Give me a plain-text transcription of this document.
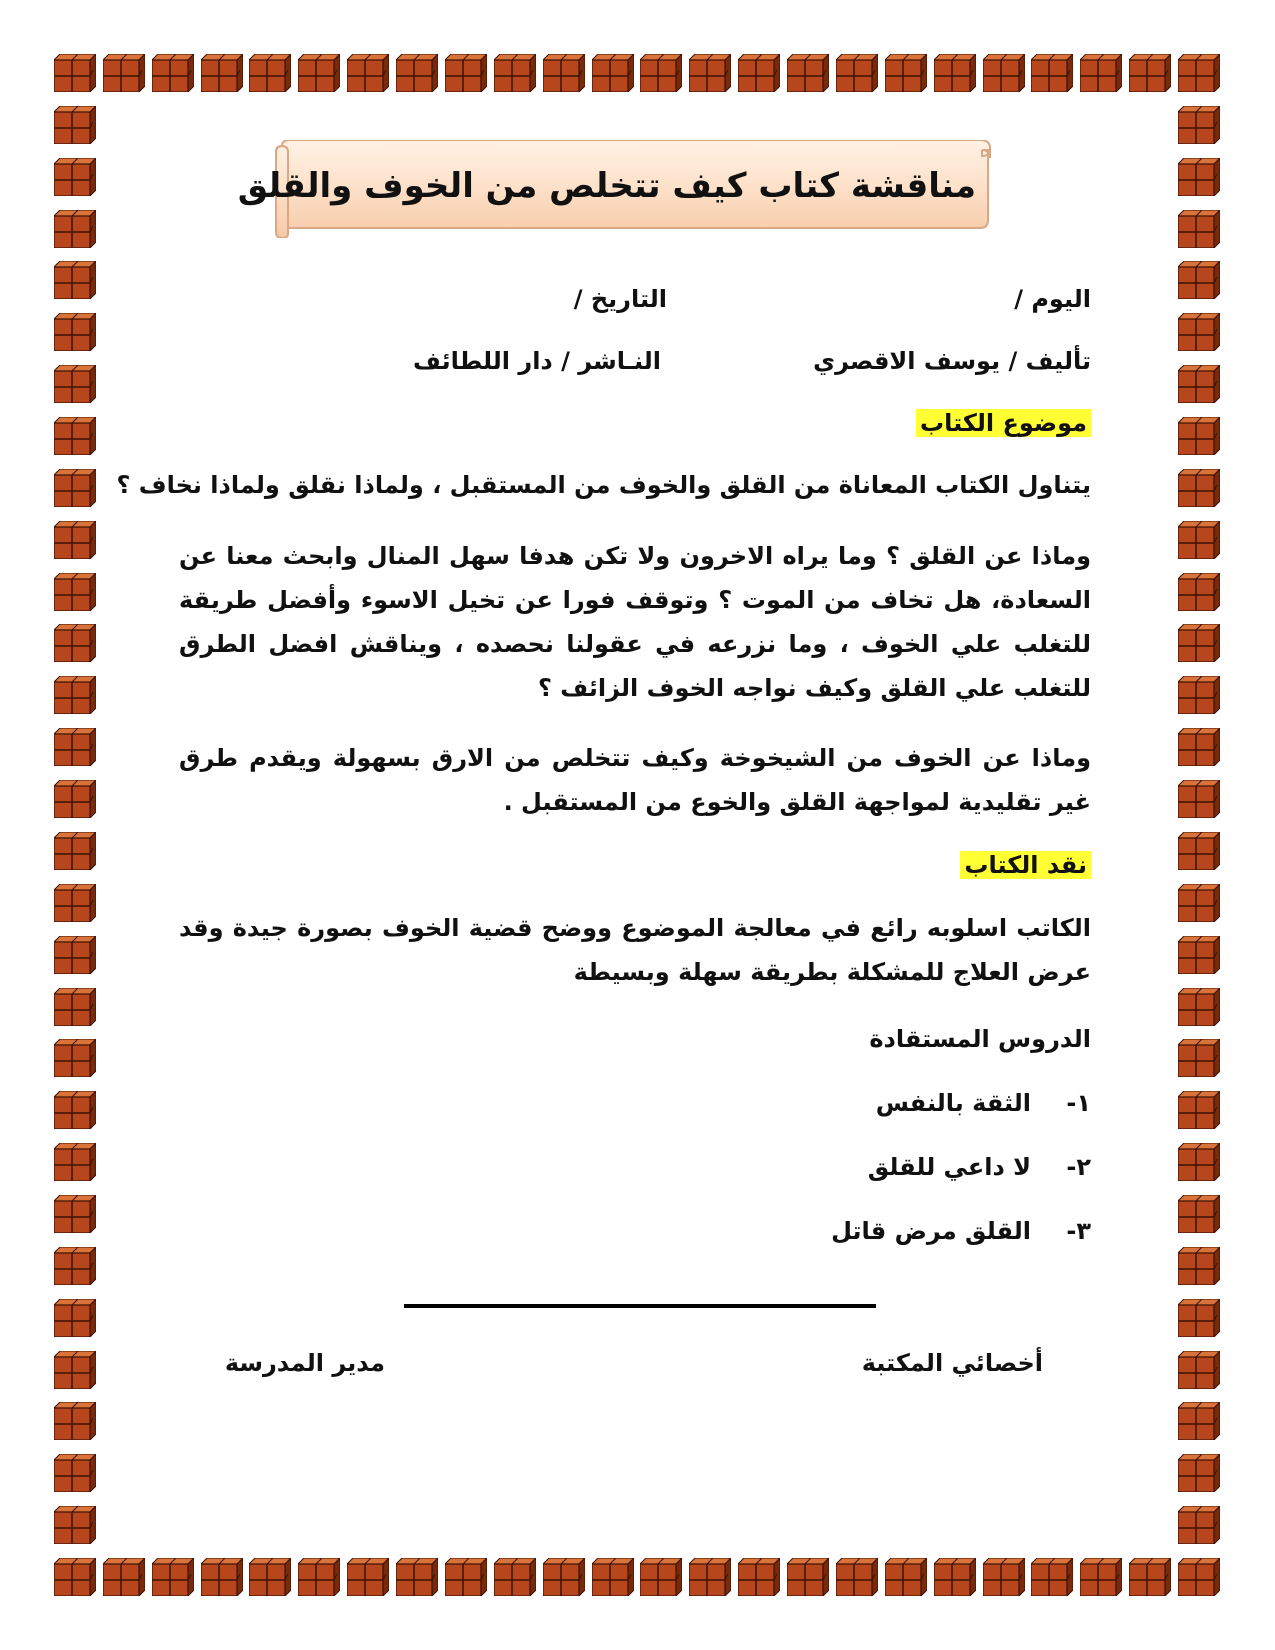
مناقشة كتاب كيف تتخلص من الخوف والقلق
اليوم /
التاريخ /
تأليف / يوسف الاقصري
النـاشر / دار اللطائف
موضوع الكتاب
يتناول الكتاب المعاناة من القلق والخوف من المستقبل ، ولماذا نقلق ولماذا نخاف ؟
وماذا عن القلق ؟ وما يراه الاخرون ولا تكن هدفا سهل المنال وابحث معنا عن السعادة، هل تخاف من الموت ؟ وتوقف فورا عن تخيل الاسوء وأفضل طريقة للتغلب علي الخوف ، وما نزرعه في عقولنا نحصده ، ويناقش افضل الطرق للتغلب علي القلق وكيف نواجه الخوف الزائف ؟
وماذا عن الخوف من الشيخوخة وكيف تتخلص من الارق بسهولة ويقدم طرق غير تقليدية لمواجهة القلق والخوع من المستقبل .
نقد الكتاب
الكاتب اسلوبه رائع في معالجة الموضوع ووضح قضية الخوف بصورة جيدة وقد عرض العلاج للمشكلة بطريقة سهلة وبسيطة
الدروس المستقادة
١-الثقة بالنفس
٢-لا داعي للقلق
٣-القلق مرض قاتل
أخصائي المكتبة
مدير المدرسة
